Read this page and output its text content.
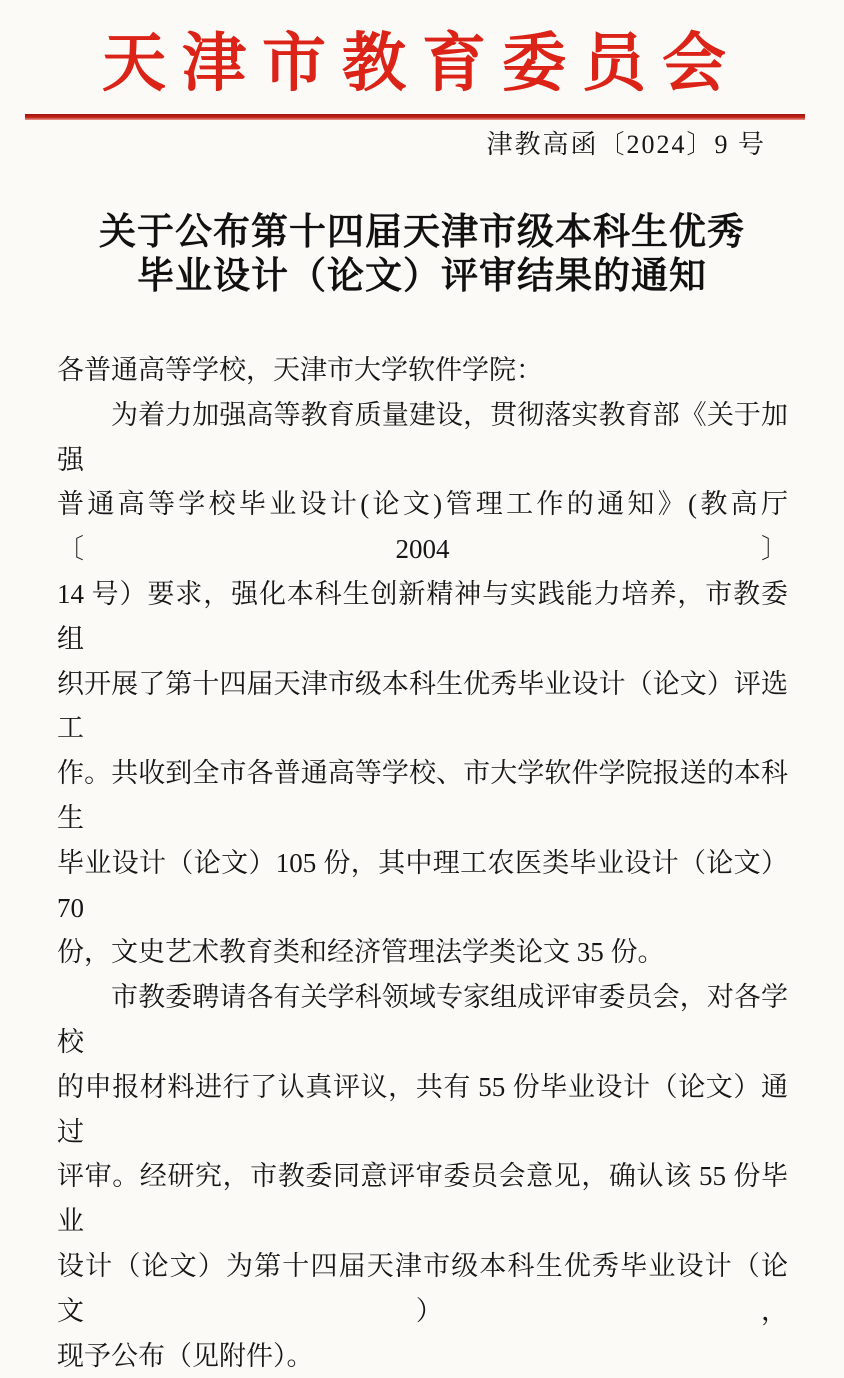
天津市教育委员会
津教高函〔2024〕9 号
关于公布第十四届天津市级本科生优秀
毕业设计（论文）评审结果的通知
各普通高等学校，天津市大学软件学院：
为着力加强高等教育质量建设，贯彻落实教育部《关于加强
普通高等学校毕业设计(论文)管理工作的通知》(教高厅〔2004〕
14 号）要求，强化本科生创新精神与实践能力培养，市教委组
织开展了第十四届天津市级本科生优秀毕业设计（论文）评选工
作。共收到全市各普通高等学校、市大学软件学院报送的本科生
毕业设计（论文）105 份，其中理工农医类毕业设计（论文）70
份，文史艺术教育类和经济管理法学类论文 35 份。
市教委聘请各有关学科领域专家组成评审委员会，对各学校
的申报材料进行了认真评议，共有 55 份毕业设计（论文）通过
评审。经研究，市教委同意评审委员会意见，确认该 55 份毕业
设计（论文）为第十四届天津市级本科生优秀毕业设计（论文），
现予公布（见附件）。
